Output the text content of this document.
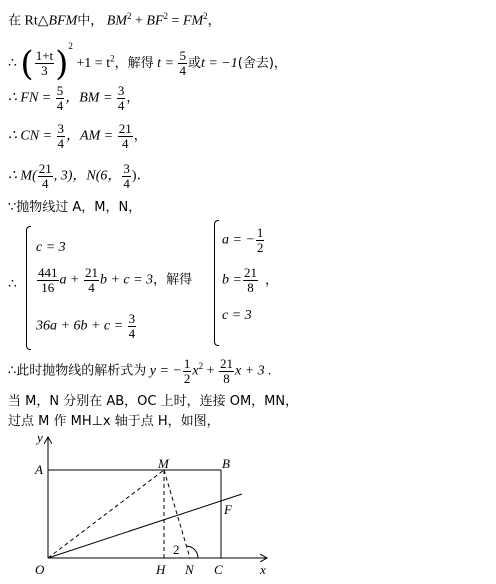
在 Rt△BFM中， $BM^2 + BF^2 = FM^2$，
∴ ( $\frac{1+t}{3} )^2 +1 = t^2$，解得 $t = \frac{5}{4}$ 或t = −1(舍去)，
∴ FN = $\frac{5}{4}$ ，BM = $\frac{3}{4}$ ，
∴ CN = $\frac{3}{4}$ ，AM = $\frac{21}{4}$ ，
∴ $M( \frac{21}{4}$ , 3)，N(6， $\frac{3}{4}$ )．
∵抛物线过 A，M，N，
∴
c = 3
$\frac{441}{16}$ $a + \frac{21}{4}$ b + c = 3，解得
$36a + 6b + c = \frac{3}{4}$
a = − $\frac{1}{2}$
$b = \frac{21}{8}$ ，
c = 3
∴此时抛物线的解析式为 y = − $\frac{1}{2} x^2 + \frac{21}{8}$ x + 3 .
当 M，N 分别在 AB，OC 上时，连接 OM，MN，
过点 M 作 MH⊥x 轴于点 H，如图，
y
x
O
A	M	B
F
C
H N
2
